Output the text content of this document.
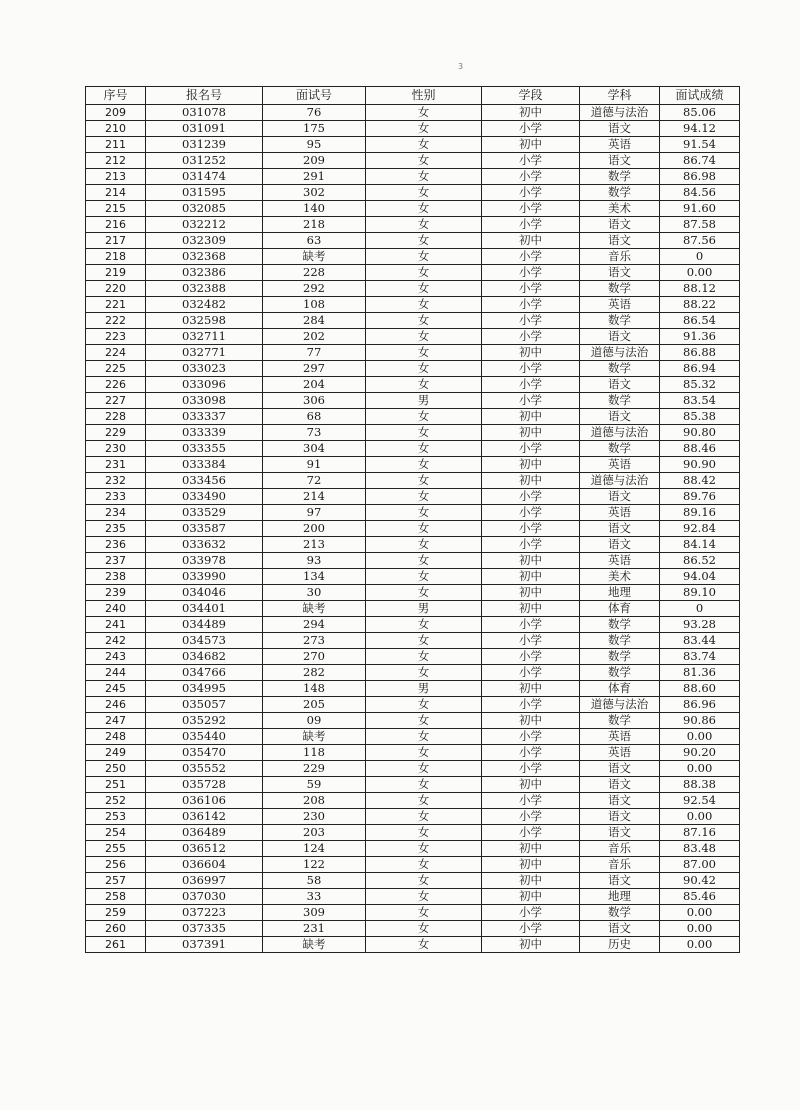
3
序号	报名号	面试号	性别	学段	学科	面试成绩
209	031078	76	女	初中	道德与法治	85.06
210	031091	175	女	小学	语文	94.12
211	031239	95	女	初中	英语	91.54
212	031252	209	女	小学	语文	86.74
213	031474	291	女	小学	数学	86.98
214	031595	302	女	小学	数学	84.56
215	032085	140	女	小学	美术	91.60
216	032212	218	女	小学	语文	87.58
217	032309	63	女	初中	语文	87.56
218	032368	缺考	女	小学	音乐	0
219	032386	228	女	小学	语文	0.00
220	032388	292	女	小学	数学	88.12
221	032482	108	女	小学	英语	88.22
222	032598	284	女	小学	数学	86.54
223	032711	202	女	小学	语文	91.36
224	032771	77	女	初中	道德与法治	86.88
225	033023	297	女	小学	数学	86.94
226	033096	204	女	小学	语文	85.32
227	033098	306	男	小学	数学	83.54
228	033337	68	女	初中	语文	85.38
229	033339	73	女	初中	道德与法治	90.80
230	033355	304	女	小学	数学	88.46
231	033384	91	女	初中	英语	90.90
232	033456	72	女	初中	道德与法治	88.42
233	033490	214	女	小学	语文	89.76
234	033529	97	女	小学	英语	89.16
235	033587	200	女	小学	语文	92.84
236	033632	213	女	小学	语文	84.14
237	033978	93	女	初中	英语	86.52
238	033990	134	女	初中	美术	94.04
239	034046	30	女	初中	地理	89.10
240	034401	缺考	男	初中	体育	0
241	034489	294	女	小学	数学	93.28
242	034573	273	女	小学	数学	83.44
243	034682	270	女	小学	数学	83.74
244	034766	282	女	小学	数学	81.36
245	034995	148	男	初中	体育	88.60
246	035057	205	女	小学	道德与法治	86.96
247	035292	09	女	初中	数学	90.86
248	035440	缺考	女	小学	英语	0.00
249	035470	118	女	小学	英语	90.20
250	035552	229	女	小学	语文	0.00
251	035728	59	女	初中	语文	88.38
252	036106	208	女	小学	语文	92.54
253	036142	230	女	小学	语文	0.00
254	036489	203	女	小学	语文	87.16
255	036512	124	女	初中	音乐	83.48
256	036604	122	女	初中	音乐	87.00
257	036997	58	女	初中	语文	90.42
258	037030	33	女	初中	地理	85.46
259	037223	309	女	小学	数学	0.00
260	037335	231	女	小学	语文	0.00
261	037391	缺考	女	初中	历史	0.00
